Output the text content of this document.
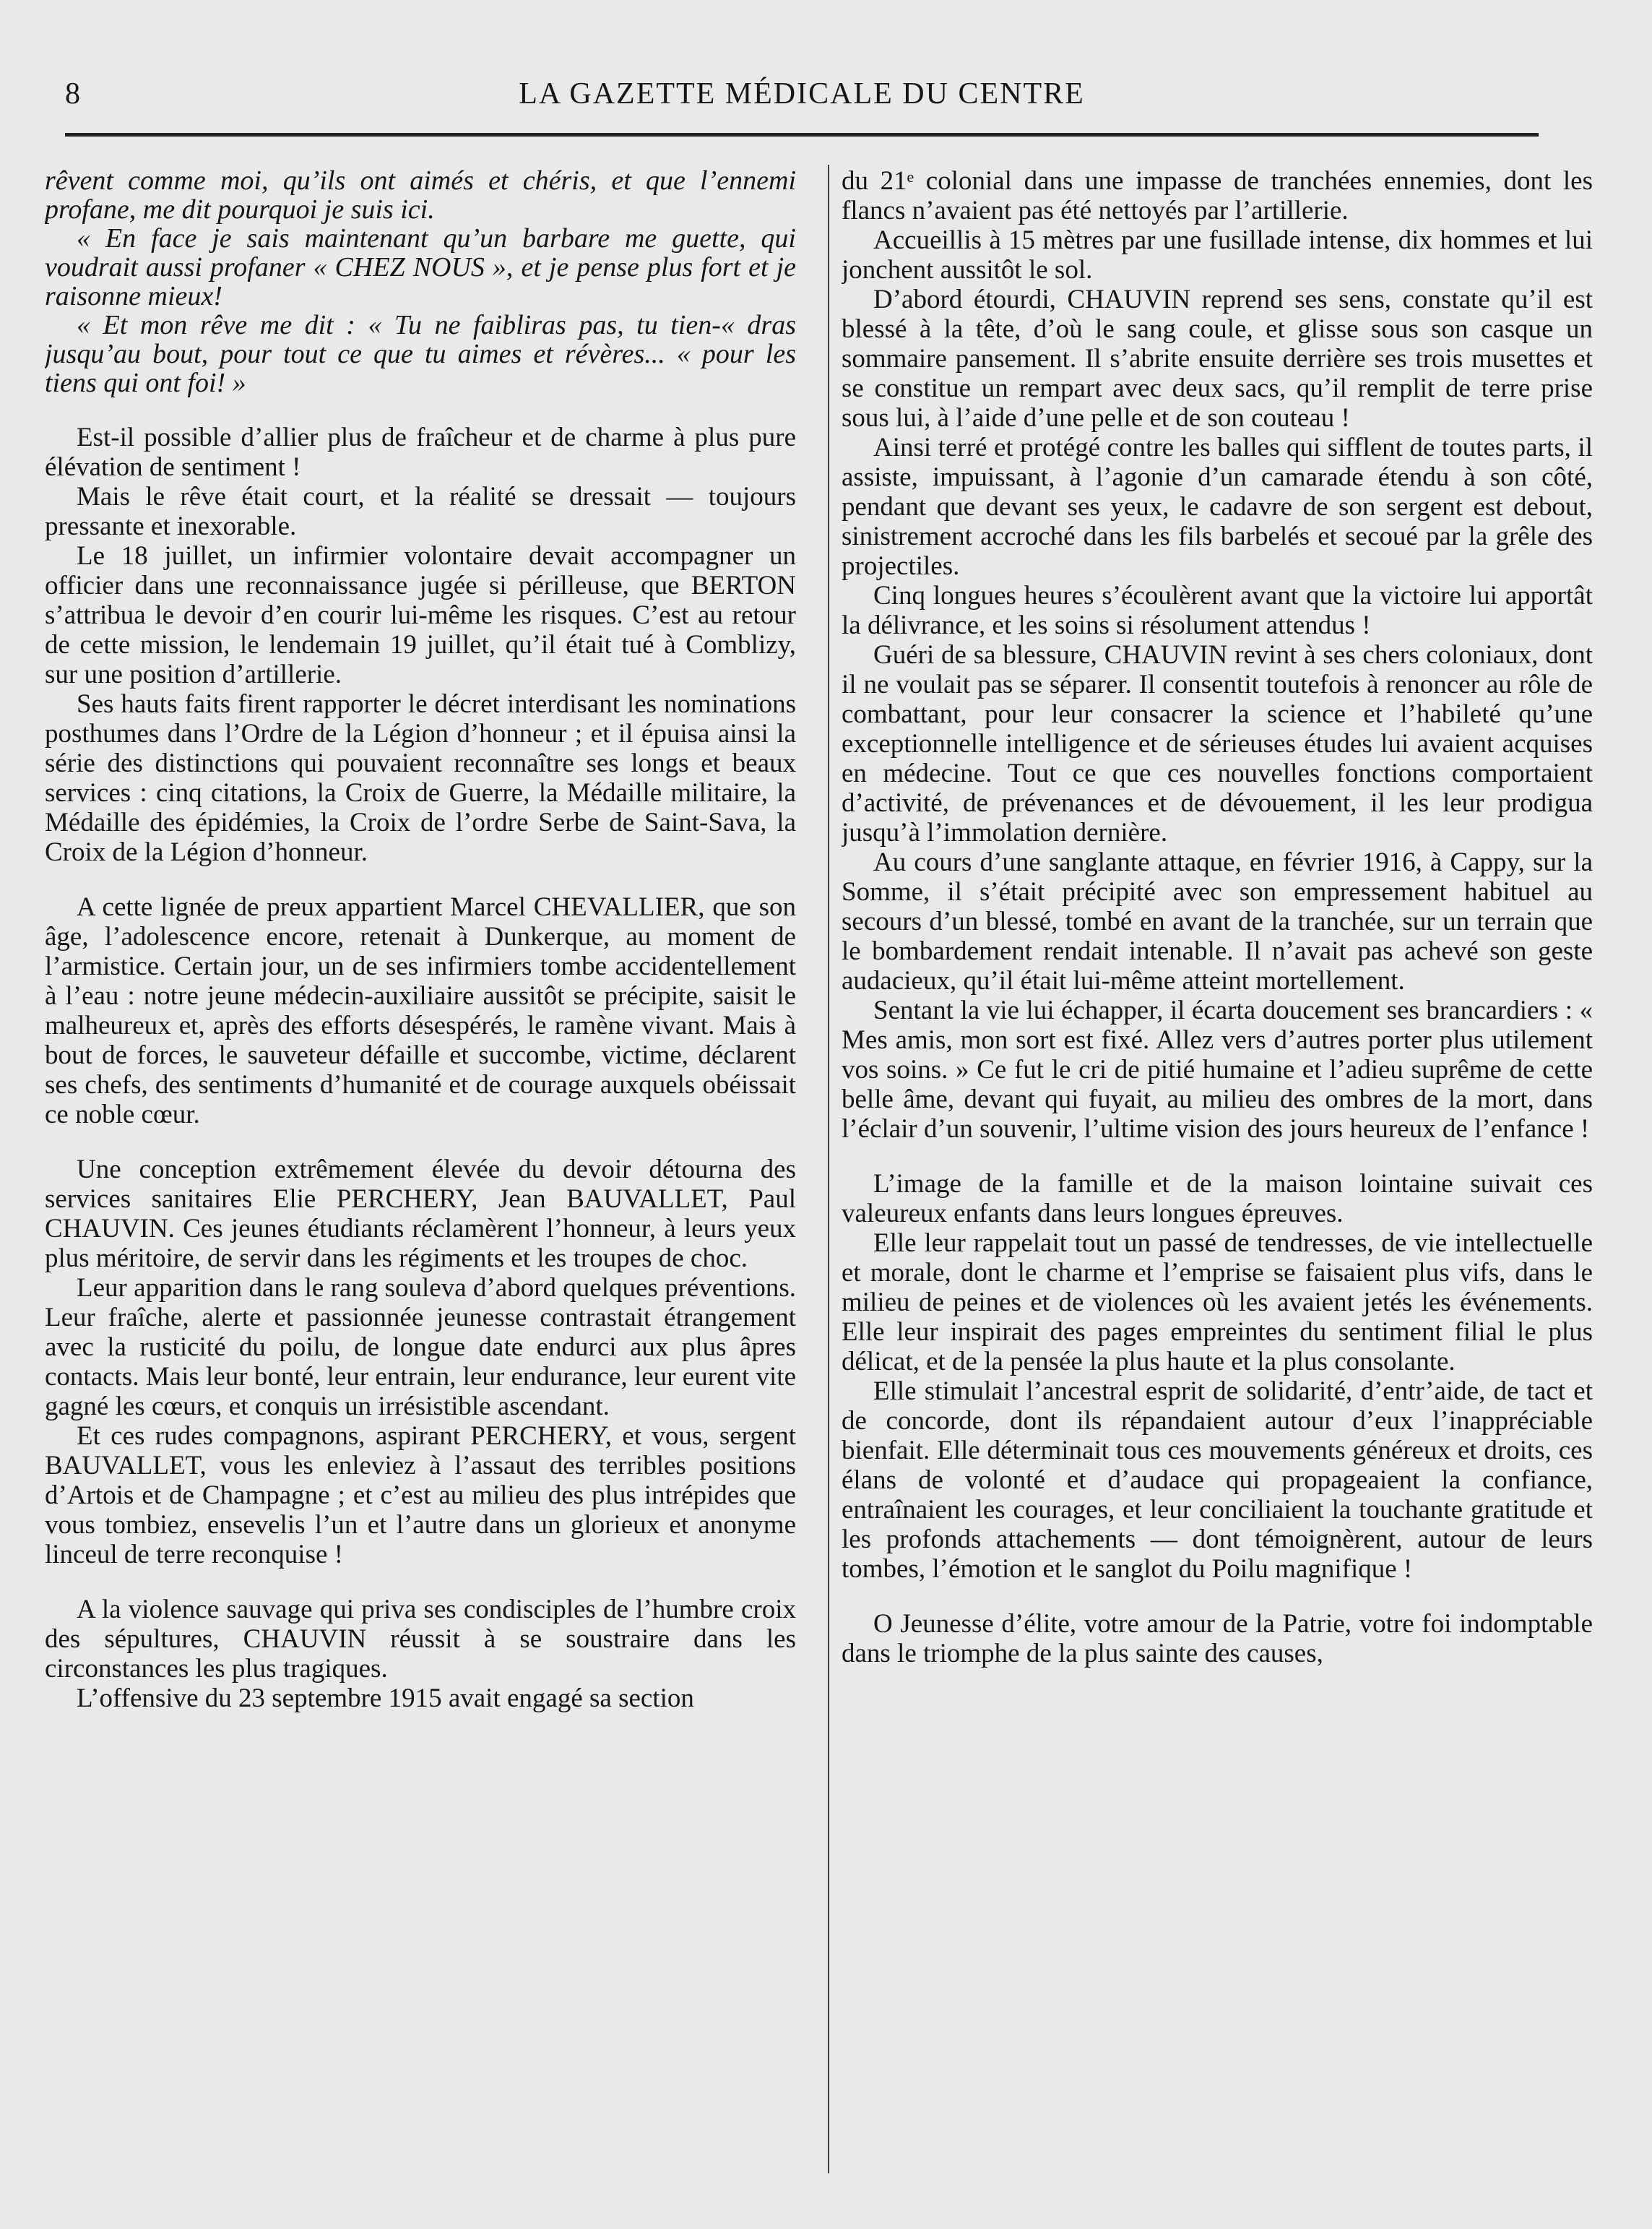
8	LA GAZETTE MÉDICALE DU CENTRE

rêvent comme moi, qu’ils ont aimés et chéris, et que l’ennemi profane, me dit pourquoi je suis ici.

« En face je sais maintenant qu’un barbare me guette, qui voudrait aussi profaner « CHEZ NOUS », et je pense plus fort et je raisonne mieux!

« Et mon rêve me dit : « Tu ne faibliras pas, tu tien-« dras jusqu’au bout, pour tout ce que tu aimes et révères... « pour les tiens qui ont foi! »

Est-il possible d’allier plus de fraîcheur et de charme à plus pure élévation de sentiment !

Mais le rêve était court, et la réalité se dressait — toujours pressante et inexorable.

Le 18 juillet, un infirmier volontaire devait accompagner un officier dans une reconnaissance jugée si périlleuse, que BERTON s’attribua le devoir d’en courir lui-même les risques. C’est au retour de cette mission, le lendemain 19 juillet, qu’il était tué à Comblizy, sur une position d’artillerie.

Ses hauts faits firent rapporter le décret interdisant les nominations posthumes dans l’Ordre de la Légion d’honneur ; et il épuisa ainsi la série des distinctions qui pouvaient reconnaître ses longs et beaux services : cinq citations, la Croix de Guerre, la Médaille militaire, la Médaille des épidémies, la Croix de l’ordre Serbe de Saint-Sava, la Croix de la Légion d’honneur.

A cette lignée de preux appartient Marcel CHEVALLIER, que son âge, l’adolescence encore, retenait à Dunkerque, au moment de l’armistice. Certain jour, un de ses infirmiers tombe accidentellement à l’eau : notre jeune médecin-auxiliaire aussitôt se précipite, saisit le malheureux et, après des efforts désespérés, le ramène vivant. Mais à bout de forces, le sauveteur défaille et succombe, victime, déclarent ses chefs, des sentiments d’humanité et de courage auxquels obéissait ce noble cœur.

Une conception extrêmement élevée du devoir détourna des services sanitaires Elie PERCHERY, Jean BAUVALLET, Paul CHAUVIN. Ces jeunes étudiants réclamèrent l’honneur, à leurs yeux plus méritoire, de servir dans les régiments et les troupes de choc.

Leur apparition dans le rang souleva d’abord quelques préventions. Leur fraîche, alerte et passionnée jeunesse contrastait étrangement avec la rusticité du poilu, de longue date endurci aux plus âpres contacts. Mais leur bonté, leur entrain, leur endurance, leur eurent vite gagné les cœurs, et conquis un irrésistible ascendant.

Et ces rudes compagnons, aspirant PERCHERY, et vous, sergent BAUVALLET, vous les enleviez à l’assaut des terribles positions d’Artois et de Champagne ; et c’est au milieu des plus intrépides que vous tombiez, ensevelis l’un et l’autre dans un glorieux et anonyme linceul de terre reconquise !

A la violence sauvage qui priva ses condisciples de l’humbre croix des sépultures, CHAUVIN réussit à se soustraire dans les circonstances les plus tragiques.

L’offensive du 23 septembre 1915 avait engagé sa section

du 21ᵉ colonial dans une impasse de tranchées ennemies, dont les flancs n’avaient pas été nettoyés par l’artillerie.

Accueillis à 15 mètres par une fusillade intense, dix hommes et lui jonchent aussitôt le sol.

D’abord étourdi, CHAUVIN reprend ses sens, constate qu’il est blessé à la tête, d’où le sang coule, et glisse sous son casque un sommaire pansement. Il s’abrite ensuite derrière ses trois musettes et se constitue un rempart avec deux sacs, qu’il remplit de terre prise sous lui, à l’aide d’une pelle et de son couteau !

Ainsi terré et protégé contre les balles qui sifflent de toutes parts, il assiste, impuissant, à l’agonie d’un camarade étendu à son côté, pendant que devant ses yeux, le cadavre de son sergent est debout, sinistrement accroché dans les fils barbelés et secoué par la grêle des projectiles.

Cinq longues heures s’écoulèrent avant que la victoire lui apportât la délivrance, et les soins si résolument attendus !

Guéri de sa blessure, CHAUVIN revint à ses chers coloniaux, dont il ne voulait pas se séparer. Il consentit toutefois à renoncer au rôle de combattant, pour leur consacrer la science et l’habileté qu’une exceptionnelle intelligence et de sérieuses études lui avaient acquises en médecine. Tout ce que ces nouvelles fonctions comportaient d’activité, de prévenances et de dévouement, il les leur prodigua jusqu’à l’immolation dernière.

Au cours d’une sanglante attaque, en février 1916, à Cappy, sur la Somme, il s’était précipité avec son empressement habituel au secours d’un blessé, tombé en avant de la tranchée, sur un terrain que le bombardement rendait intenable. Il n’avait pas achevé son geste audacieux, qu’il était lui-même atteint mortellement.

Sentant la vie lui échapper, il écarta doucement ses brancardiers : « Mes amis, mon sort est fixé. Allez vers d’autres porter plus utilement vos soins. » Ce fut le cri de pitié humaine et l’adieu suprême de cette belle âme, devant qui fuyait, au milieu des ombres de la mort, dans l’éclair d’un souvenir, l’ultime vision des jours heureux de l’enfance !

L’image de la famille et de la maison lointaine suivait ces valeureux enfants dans leurs longues épreuves.

Elle leur rappelait tout un passé de tendresses, de vie intellectuelle et morale, dont le charme et l’emprise se faisaient plus vifs, dans le milieu de peines et de violences où les avaient jetés les événements. Elle leur inspirait des pages empreintes du sentiment filial le plus délicat, et de la pensée la plus haute et la plus consolante.

Elle stimulait l’ancestral esprit de solidarité, d’entr’aide, de tact et de concorde, dont ils répandaient autour d’eux l’inappréciable bienfait. Elle déterminait tous ces mouvements généreux et droits, ces élans de volonté et d’audace qui propageaient la confiance, entraînaient les courages, et leur conciliaient la touchante gratitude et les profonds attachements — dont témoignèrent, autour de leurs tombes, l’émotion et le sanglot du Poilu magnifique !

O Jeunesse d’élite, votre amour de la Patrie, votre foi indomptable dans le triomphe de la plus sainte des causes,
